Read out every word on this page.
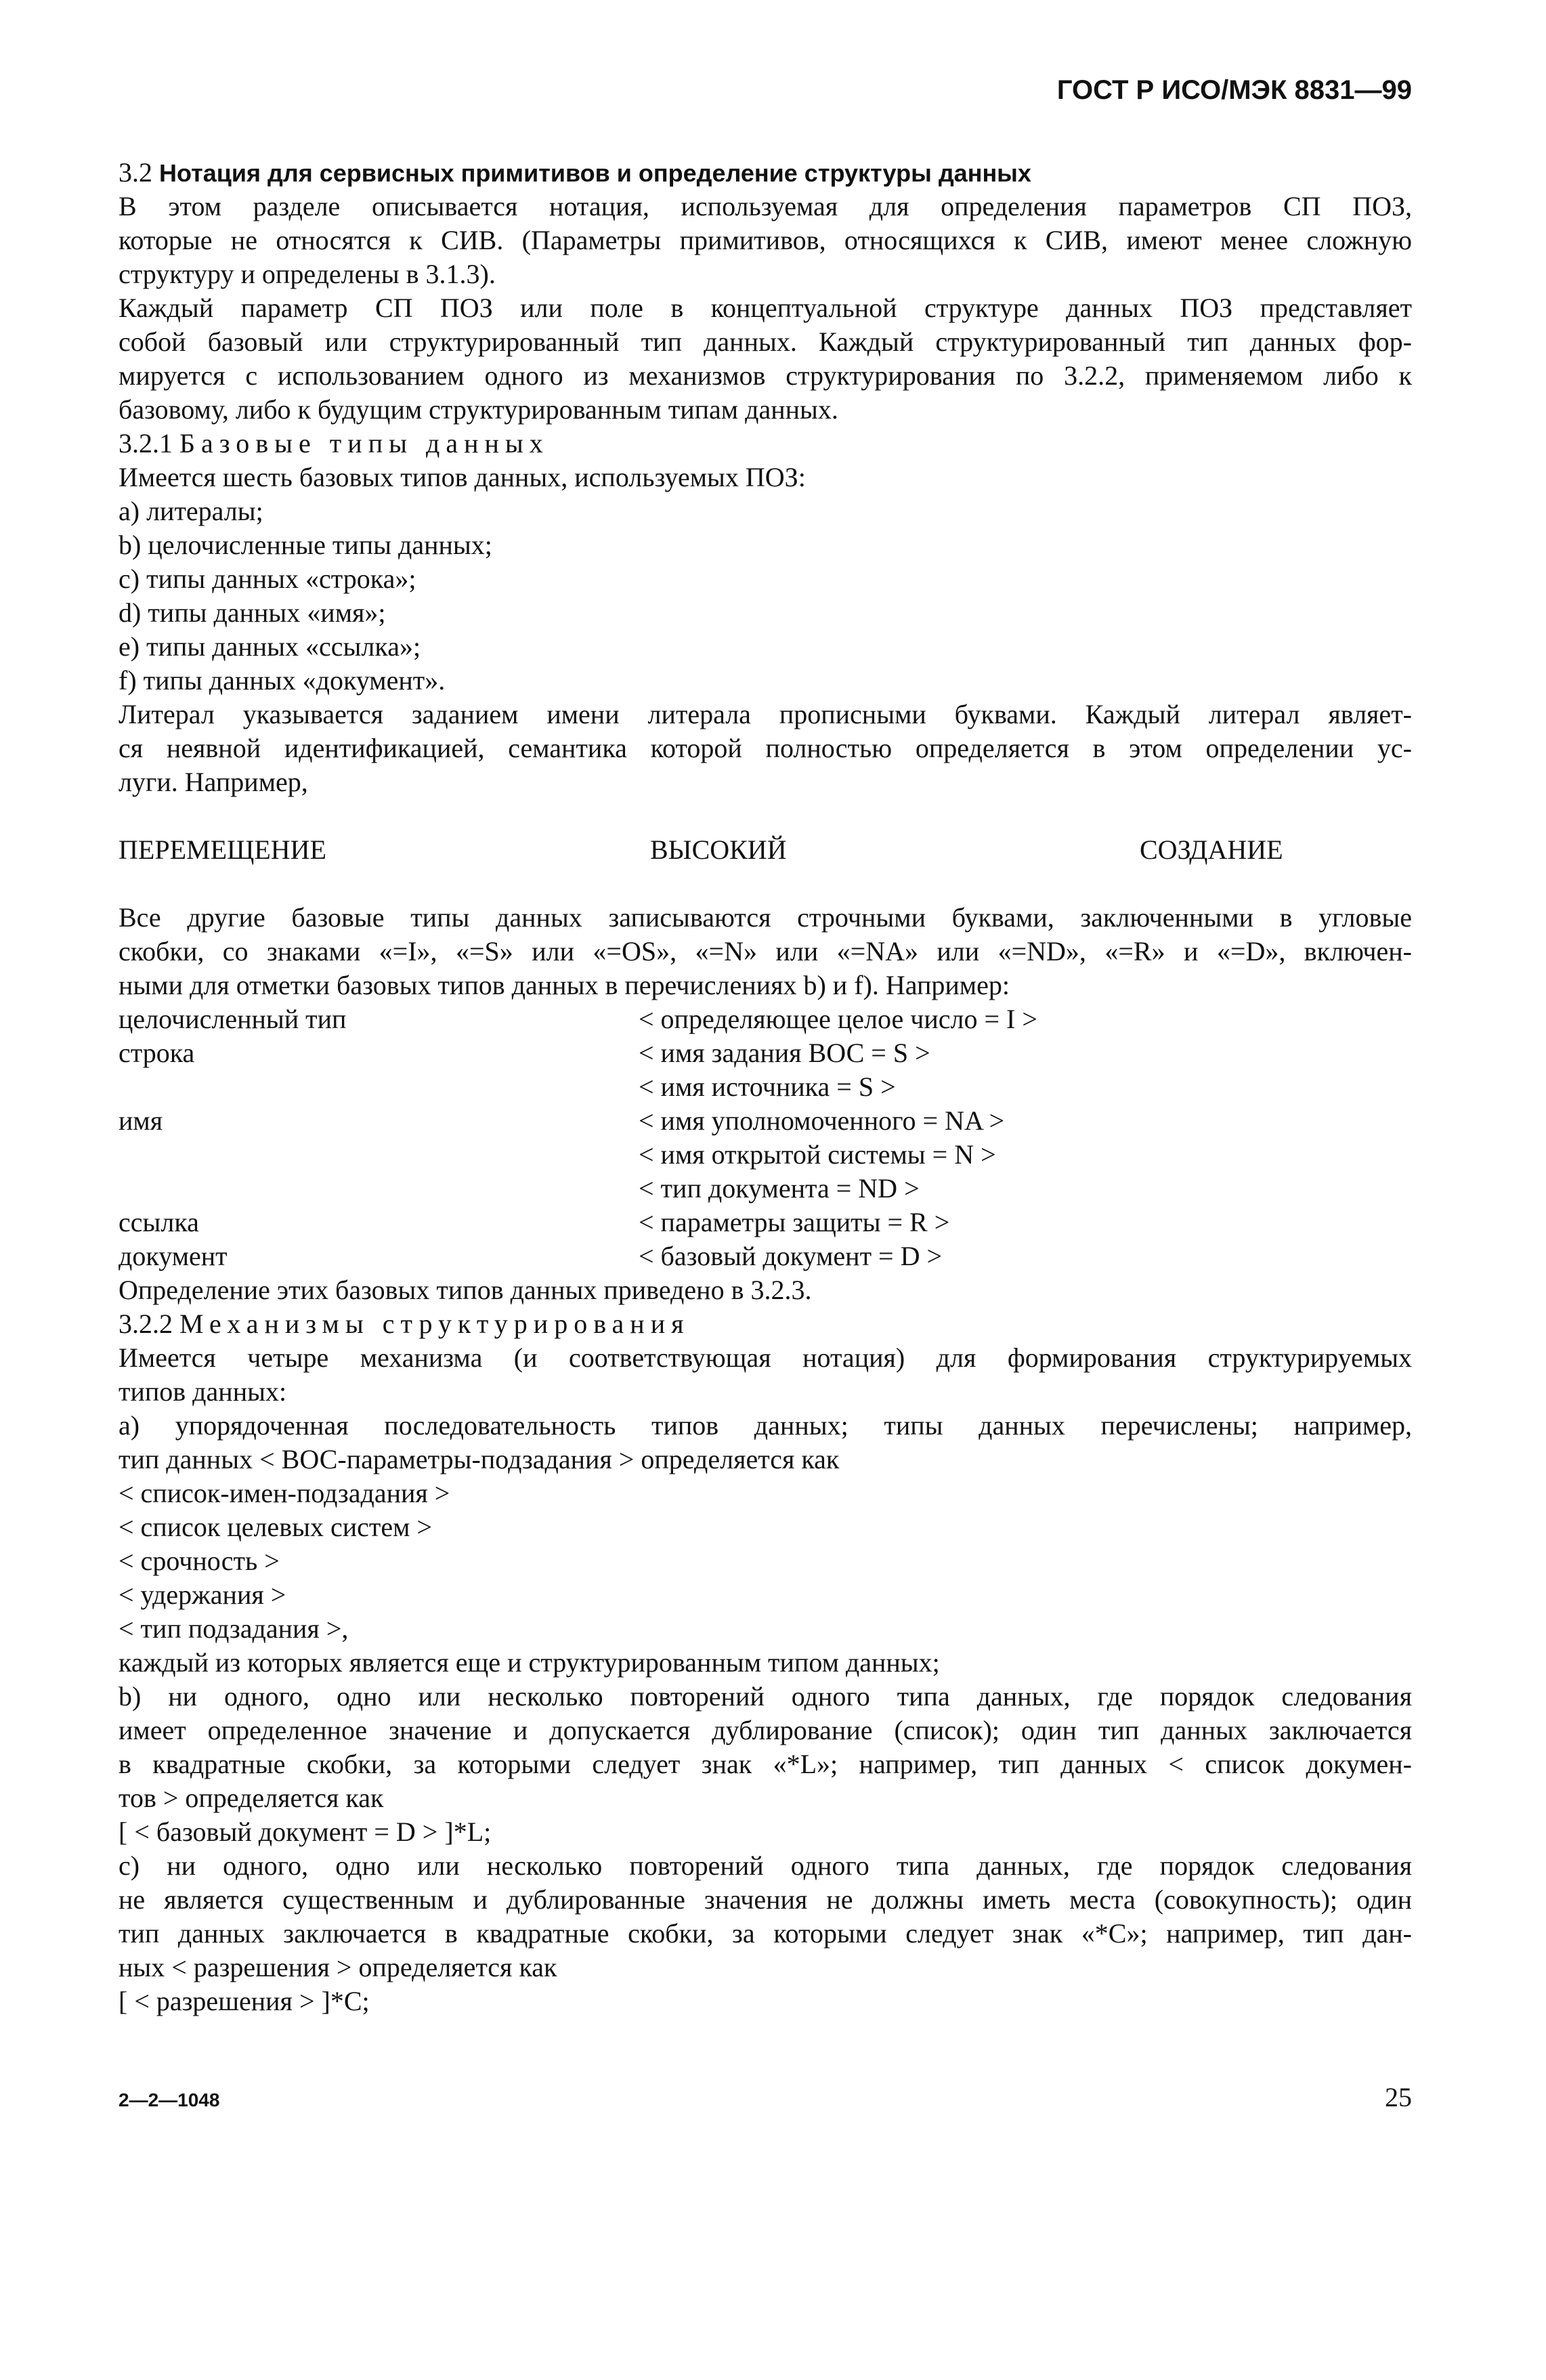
ГОСТ Р ИСО/МЭК 8831—99
3.2 Нотация для сервисных примитивов и определение структуры данных
В этом разделе описывается нотация, используемая для определения параметров СП ПОЗ,
которые не относятся к СИВ. (Параметры примитивов, относящихся к СИВ, имеют менее сложную
структуру и определены в 3.1.3).
Каждый параметр СП ПОЗ или поле в концептуальной структуре данных ПОЗ представляет
собой базовый или структурированный тип данных. Каждый структурированный тип данных фор-
мируется с использованием одного из механизмов структурирования по 3.2.2, применяемом либо к
базовому, либо к будущим структурированным типам данных.
3.2.1 Базовые типы данных
Имеется шесть базовых типов данных, используемых ПОЗ:
a) литералы;
b) целочисленные типы данных;
c) типы данных «строка»;
d) типы данных «имя»;
e) типы данных «ссылка»;
f) типы данных «документ».
Литерал указывается заданием имени литерала прописными буквами. Каждый литерал являет-
ся неявной идентификацией, семантика которой полностью определяется в этом определении ус-
луги. Например,
ПЕРЕМЕЩЕНИЕ	ВЫСОКИЙ	СОЗДАНИЕ
Все другие базовые типы данных записываются строчными буквами, заключенными в угловые
скобки, со знаками «=I», «=S» или «=OS», «=N» или «=NA» или «=ND», «=R» и «=D», включен-
ными для отметки базовых типов данных в перечислениях b) и f). Например:
целочисленный тип	< определяющее целое число = I >
строка	< имя задания ВОС = S >
< имя источника = S >
имя	< имя уполномоченного = NA >
< имя открытой системы = N >
< тип документа = ND >
ссылка	< параметры защиты = R >
документ	< базовый документ = D >
Определение этих базовых типов данных приведено в 3.2.3.
3.2.2 Механизмы структурирования
Имеется четыре механизма (и соответствующая нотация) для формирования структурируемых
типов данных:
а) упорядоченная последовательность типов данных; типы данных перечислены; например,
тип данных < ВОС-параметры-подзадания > определяется как
< список-имен-подзадания >
< список целевых систем >
< срочность >
< удержания >
< тип подзадания >,
каждый из которых является еще и структурированным типом данных;
b) ни одного, одно или несколько повторений одного типа данных, где порядок следования
имеет определенное значение и допускается дублирование (список); один тип данных заключается
в квадратные скобки, за которыми следует знак «*L»; например, тип данных < список докумен-
тов > определяется как
[ < базовый документ = D > ]*L;
c) ни одного, одно или несколько повторений одного типа данных, где порядок следования
не является существенным и дублированные значения не должны иметь места (совокупность); один
тип данных заключается в квадратные скобки, за которыми следует знак «*C»; например, тип дан-
ных < разрешения > определяется как
[ < разрешения > ]*C;
2—2—1048	25
